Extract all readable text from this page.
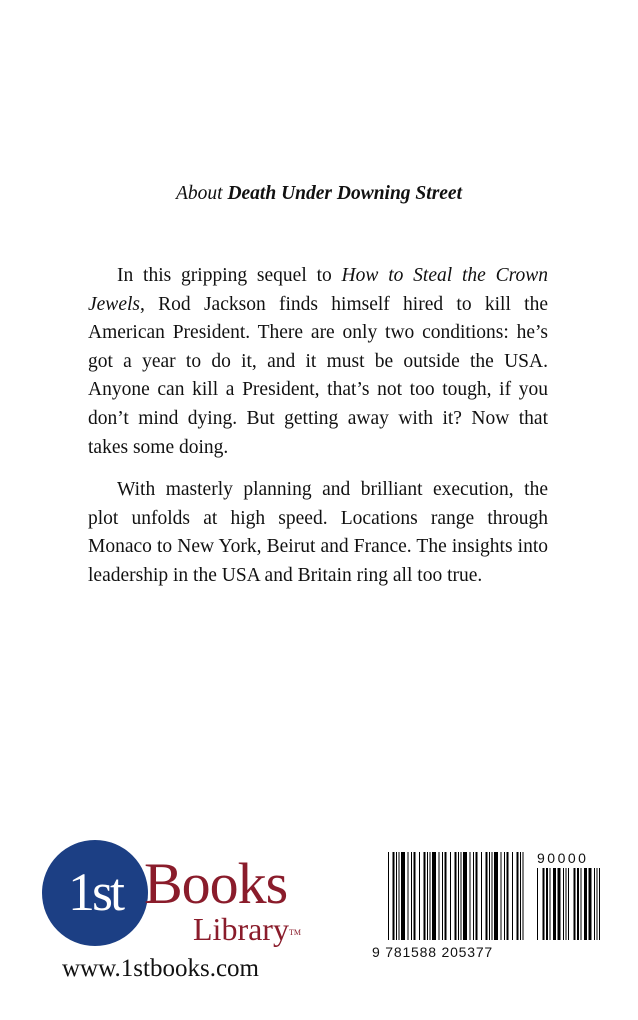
About Death Under Downing Street

In this gripping sequel to How to Steal the Crown Jewels, Rod Jackson finds himself hired to kill the American President. There are only two conditions: he’s got a year to do it, and it must be outside the USA. Anyone can kill a President, that’s not too tough, if you don’t mind dying. But getting away with it? Now that takes some doing.

With masterly planning and brilliant execution, the plot unfolds at high speed. Locations range through Monaco to New York, Beirut and France. The insights into leadership in the USA and Britain ring all too true.

1st Books
Library™
www.1stbooks.com
90000
9 781588 205377
